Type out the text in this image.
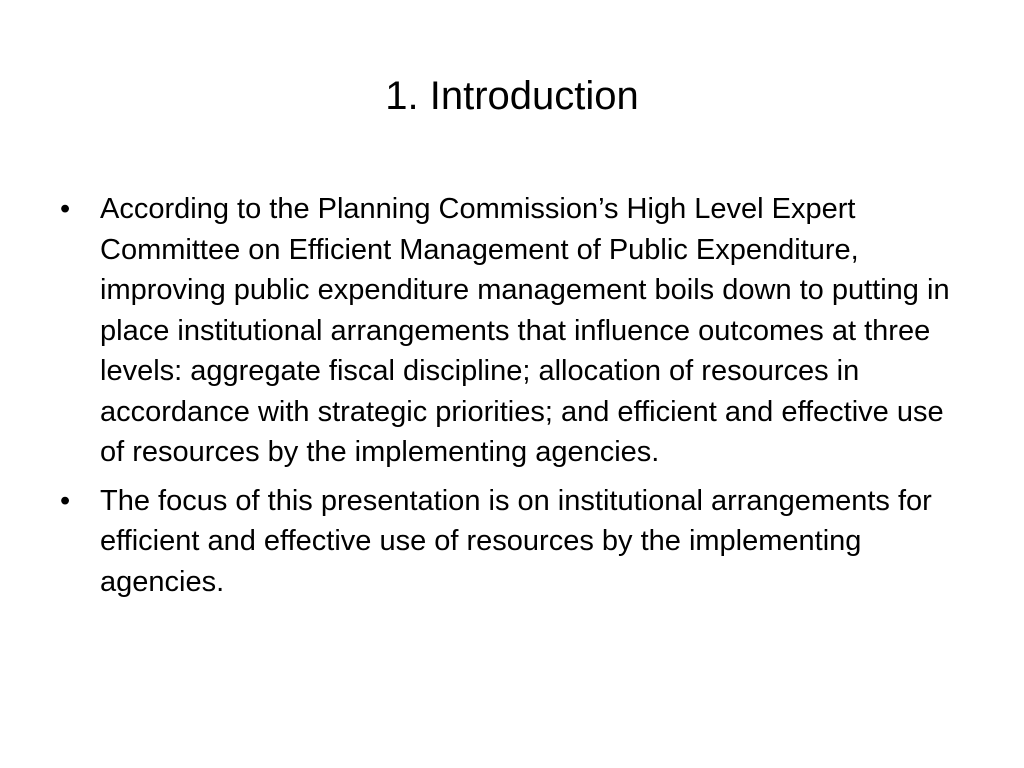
1. Introduction
•	According to the Planning Commission’s High Level Expert Committee on Efficient Management of Public Expenditure, improving public expenditure management boils down to putting in place institutional arrangements that influence outcomes at three levels: aggregate fiscal discipline; allocation of resources in accordance with strategic priorities; and efficient and effective use of resources by the implementing agencies.
•	The focus of this presentation is on institutional arrangements for efficient and effective use of resources by the implementing agencies.
